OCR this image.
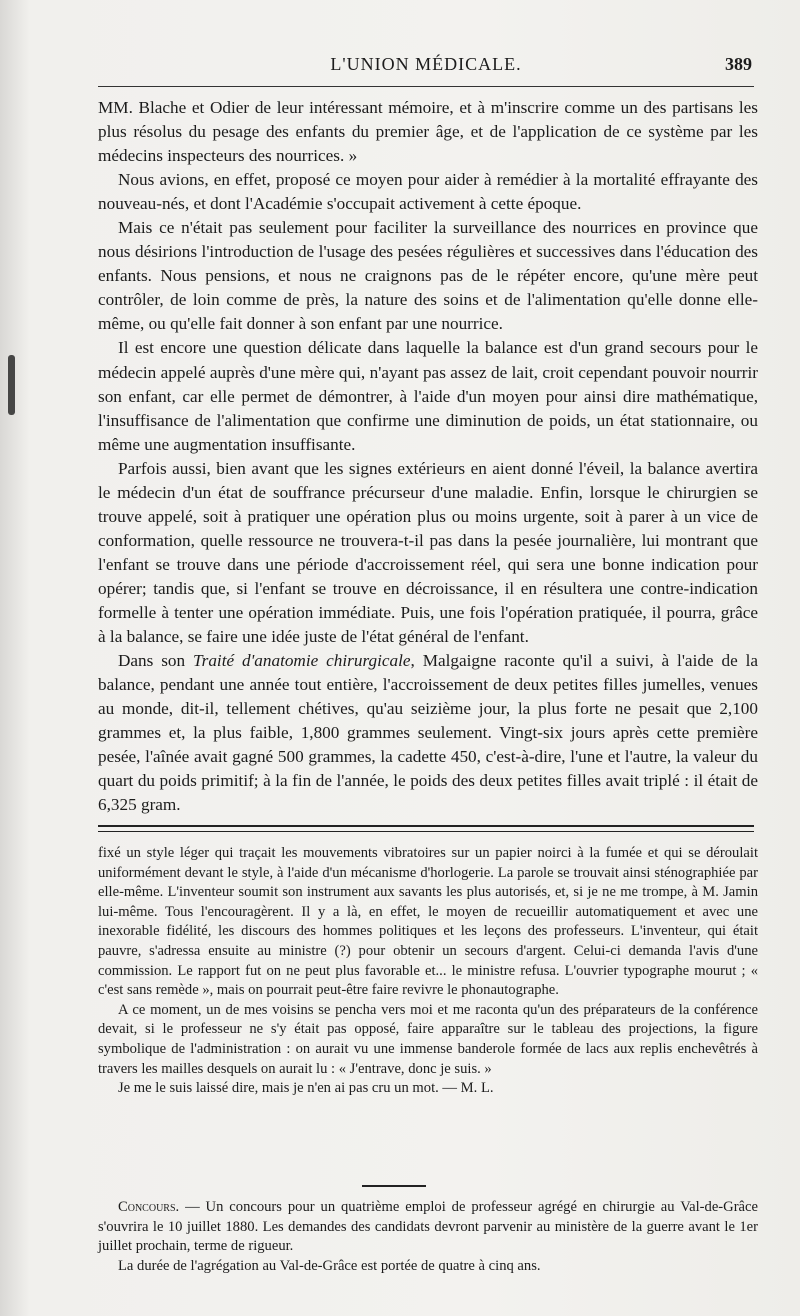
L'UNION MÉDICALE.	389

MM. Blache et Odier de leur intéressant mémoire, et à m'inscrire comme un des partisans les plus résolus du pesage des enfants du premier âge, et de l'application de ce système par les médecins inspecteurs des nourrices. »

Nous avions, en effet, proposé ce moyen pour aider à remédier à la mortalité effrayante des nouveau-nés, et dont l'Académie s'occupait activement à cette époque.

Mais ce n'était pas seulement pour faciliter la surveillance des nourrices en province que nous désirions l'introduction de l'usage des pesées régulières et successives dans l'éducation des enfants. Nous pensions, et nous ne craignons pas de le répéter encore, qu'une mère peut contrôler, de loin comme de près, la nature des soins et de l'alimentation qu'elle donne elle-même, ou qu'elle fait donner à son enfant par une nourrice.

Il est encore une question délicate dans laquelle la balance est d'un grand secours pour le médecin appelé auprès d'une mère qui, n'ayant pas assez de lait, croit cependant pouvoir nourrir son enfant, car elle permet de démontrer, à l'aide d'un moyen pour ainsi dire mathématique, l'insuffisance de l'alimentation que confirme une diminution de poids, un état stationnaire, ou même une augmentation insuffisante.

Parfois aussi, bien avant que les signes extérieurs en aient donné l'éveil, la balance avertira le médecin d'un état de souffrance précurseur d'une maladie. Enfin, lorsque le chirurgien se trouve appelé, soit à pratiquer une opération plus ou moins urgente, soit à parer à un vice de conformation, quelle ressource ne trouvera-t-il pas dans la pesée journalière, lui montrant que l'enfant se trouve dans une période d'accroissement réel, qui sera une bonne indication pour opérer; tandis que, si l'enfant se trouve en décroissance, il en résultera une contre-indication formelle à tenter une opération immédiate. Puis, une fois l'opération pratiquée, il pourra, grâce à la balance, se faire une idée juste de l'état général de l'enfant.

Dans son Traité d'anatomie chirurgicale, Malgaigne raconte qu'il a suivi, à l'aide de la balance, pendant une année tout entière, l'accroissement de deux petites filles jumelles, venues au monde, dit-il, tellement chétives, qu'au seizième jour, la plus forte ne pesait que 2,100 grammes et, la plus faible, 1,800 grammes seulement. Vingt-six jours après cette première pesée, l'aînée avait gagné 500 grammes, la cadette 450, c'est-à-dire, l'une et l'autre, la valeur du quart du poids primitif; à la fin de l'année, le poids des deux petites filles avait triplé : il était de 6,325 gram.

fixé un style léger qui traçait les mouvements vibratoires sur un papier noirci à la fumée et qui se déroulait uniformément devant le style, à l'aide d'un mécanisme d'horlogerie. La parole se trouvait ainsi sténographiée par elle-même. L'inventeur soumit son instrument aux savants les plus autorisés, et, si je ne me trompe, à M. Jamin lui-même. Tous l'encouragèrent. Il y a là, en effet, le moyen de recueillir automatiquement et avec une inexorable fidélité, les discours des hommes politiques et les leçons des professeurs. L'inventeur, qui était pauvre, s'adressa ensuite au ministre (?) pour obtenir un secours d'argent. Celui-ci demanda l'avis d'une commission. Le rapport fut on ne peut plus favorable et... le ministre refusa. L'ouvrier typographe mourut ; « c'est sans remède », mais on pourrait peut-être faire revivre le phonautographe.

A ce moment, un de mes voisins se pencha vers moi et me raconta qu'un des préparateurs de la conférence devait, si le professeur ne s'y était pas opposé, faire apparaître sur le tableau des projections, la figure symbolique de l'administration : on aurait vu une immense banderole formée de lacs aux replis enchevêtrés à travers les mailles desquels on aurait lu : « J'entrave, donc je suis. »

Je me le suis laissé dire, mais je n'en ai pas cru un mot. — M. L.

Concours. — Un concours pour un quatrième emploi de professeur agrégé en chirurgie au Val-de-Grâce s'ouvrira le 10 juillet 1880. Les demandes des candidats devront parvenir au ministère de la guerre avant le 1er juillet prochain, terme de rigueur.

La durée de l'agrégation au Val-de-Grâce est portée de quatre à cinq ans.
